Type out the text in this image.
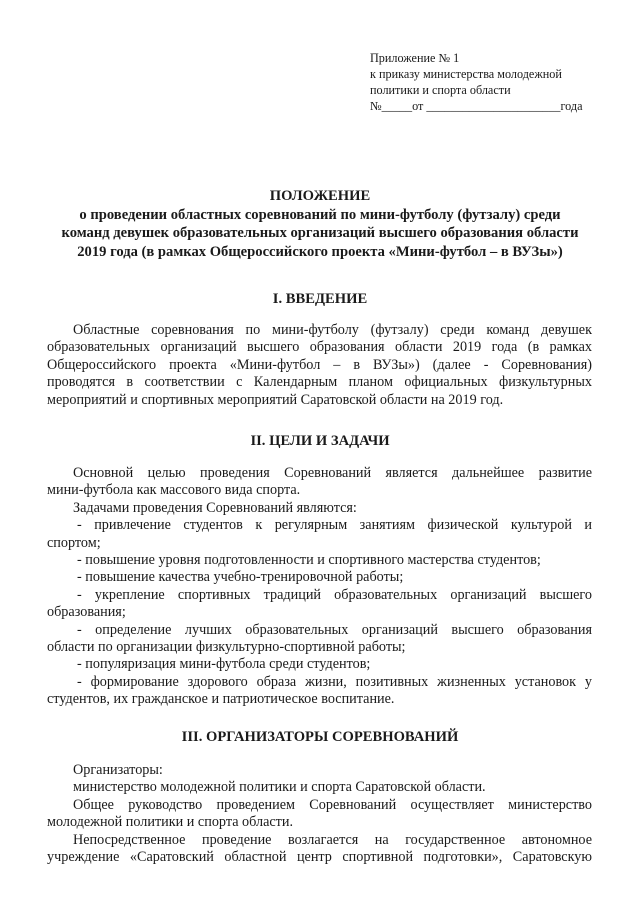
Приложение № 1
к приказу министерства молодежной
политики и спорта области
№_____от ______________________года
ПОЛОЖЕНИЕ
о проведении областных соревнований по мини-футболу (футзалу) среди
команд девушек образовательных организаций высшего образования области
2019 года (в рамках Общероссийского проекта «Мини-футбол – в ВУЗы»)
I. ВВЕДЕНИЕ
Областные соревнования по мини-футболу (футзалу) среди команд девушек
образовательных организаций высшего образования области 2019 года (в рамках
Общероссийского проекта «Мини-футбол – в ВУЗы») (далее - Соревнования)
проводятся в соответствии с Календарным планом официальных физкультурных
мероприятий и спортивных мероприятий Саратовской области на 2019 год.
II. ЦЕЛИ И ЗАДАЧИ
Основной целью проведения Соревнований является дальнейшее развитие
мини-футбола как массового вида спорта.
Задачами проведения Соревнований являются:
- привлечение студентов к регулярным занятиям физической культурой и
спортом;
- повышение уровня подготовленности и спортивного мастерства студентов;
- повышение качества учебно-тренировочной работы;
- укрепление спортивных традиций образовательных организаций высшего
образования;
- определение лучших образовательных организаций высшего образования
области по организации физкультурно-спортивной работы;
- популяризация мини-футбола среди студентов;
- формирование здорового образа жизни, позитивных жизненных установок у
студентов, их гражданское и патриотическое воспитание.
III. ОРГАНИЗАТОРЫ СОРЕВНОВАНИЙ
Организаторы:
министерство молодежной политики и спорта Саратовской области.
Общее руководство проведением Соревнований осуществляет министерство
молодежной политики и спорта области.
Непосредственное проведение возлагается на государственное автономное
учреждение «Саратовский областной центр спортивной подготовки», Саратовскую
